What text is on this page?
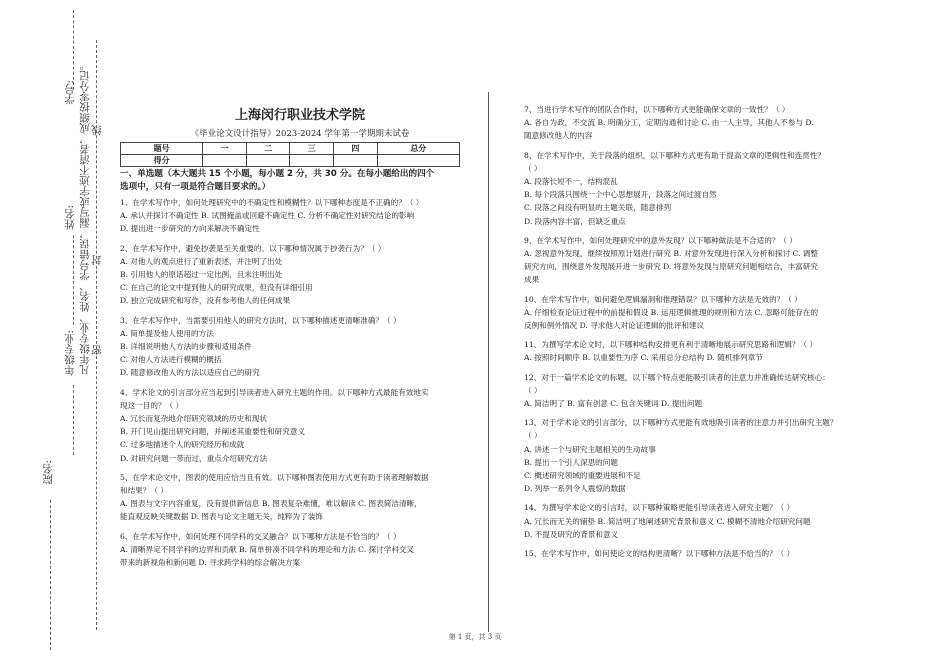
学号: 凡年级专业、姓名、学号错误，漏写或字迹不清者，成绩按零分记。 线
姓名:
封
年级专业: 密
院名:
上海闵行职业技术学院
《毕业论文设计指导》2023-2024 学年第一学期期末试卷
题号	一	二	三	四	总分
得分					
一、单选题（本大题共 15 个小题，每小题 2 分，共 30 分。在每小题给出的四个
选项中，只有一项是符合题目要求的。）

1、在学术写作中，如何处理研究中的不确定性和模糊性？以下哪种态度是不正确的？（ ）

A. 承认并探讨不确定性 B. 试图掩盖或回避不确定性 C. 分析不确定性对研究结论的影响

D. 提出进一步研究的方向来解决不确定性

2、在学术写作中，避免抄袭是至关重要的。以下哪种情况属于抄袭行为？（ ）

A. 对他人的观点进行了重新表述，并注明了出处

B. 引用他人的原话超过一定比例，且未注明出处

C. 在自己的论文中提到他人的研究成果，但没有详细引用

D. 独立完成研究和写作，没有参考他人的任何成果

3、在学术写作中，当需要引用他人的研究方法时，以下哪种描述更清晰准确？（ ）

A. 简单提及他人使用的方法

B. 详细说明他人方法的步骤和适用条件

C. 对他人方法进行模糊的概括

D. 随意修改他人的方法以适应自己的研究

4、学术论文的引言部分应当起到引导读者进入研究主题的作用。以下哪种方式最能有效地实

现这一目的？（ ）

A. 冗长而复杂地介绍研究领域的历史和现状

B. 开门见山提出研究问题，并阐述其重要性和研究意义

C. 过多地描述个人的研究经历和成就

D. 对研究问题一带而过，重点介绍研究方法

5、在学术论文中，图表的使用应恰当且有效。以下哪种图表使用方式更有助于读者理解数据

和结果？（ ）

A. 图表与文字内容重复，没有提供新信息 B. 图表复杂难懂，难以解读 C. 图表简洁清晰，

能直观反映关键数据 D. 图表与论文主题无关，纯粹为了装饰

6、在学术写作中，如何处理不同学科的交叉融合？以下哪种方法是不恰当的？（ ）

A. 清晰界定不同学科的边界和贡献 B. 简单拼凑不同学科的理论和方法 C. 探讨学科交叉

带来的新视角和新问题 D. 寻求跨学科的综合解决方案

7、当进行学术写作的团队合作时，以下哪种方式更能确保文章的一致性？（ ）

A. 各自为政，不交流 B. 明确分工，定期沟通和讨论 C. 由一人主导，其他人不参与 D.

随意修改他人的内容

8、在学术写作中，关于段落的组织，以下哪种方式更有助于提高文章的逻辑性和连贯性？

（ ）

A. 段落长短不一，结构混乱

B. 每个段落只围绕一个中心思想展开，段落之间过渡自然

C. 段落之间没有明显的主题关联，随意排列

D. 段落内容丰富，但缺乏重点

9、在学术写作中，如何处理研究中的意外发现？以下哪种做法是不合适的？（ ）

A. 忽视意外发现，继续按照原计划进行研究 B. 对意外发现进行深入分析和探讨 C. 调整

研究方向，围绕意外发现展开进一步研究 D. 将意外发现与原研究问题相结合，丰富研究

成果

10、在学术写作中，如何避免逻辑漏洞和推理错误？以下哪种方法是无效的？（ ）

A. 仔细检查论证过程中的前提和假设 B. 运用逻辑推理的规则和方法 C. 忽略可能存在的

反例和例外情况 D. 寻求他人对论证逻辑的批评和建议

11、为撰写学术论文时，以下哪种结构安排更有利于清晰地展示研究思路和逻辑？（ ）

A. 按照时间顺序 B. 以重要性为序 C. 采用总分总结构 D. 随机排列章节

12、对于一篇学术论文的标题，以下哪个特点更能吸引读者的注意力并准确传达研究核心：

（ ）

A. 简洁明了 B. 富有创意 C. 包含关键词 D. 提出问题

13、对于学术论文的引言部分，以下哪种方式更能有效地吸引读者的注意力并引出研究主题？

（ ）

A. 讲述一个与研究主题相关的生动故事

B. 提出一个引人深思的问题

C. 概述研究领域的重要进展和不足

D. 列举一系列令人震惊的数据

14、为撰写学术论文的引言时，以下哪种策略更能引导读者进入研究主题？（ ）

A. 冗长而无关的铺垫 B. 简洁明了地阐述研究背景和意义 C. 模糊不清地介绍研究问题

D. 不提及研究的背景和意义

15、在学术写作中，如何使论文的结构更清晰？以下哪种方法是不恰当的？（ ）

第 1 页，共 3 页
